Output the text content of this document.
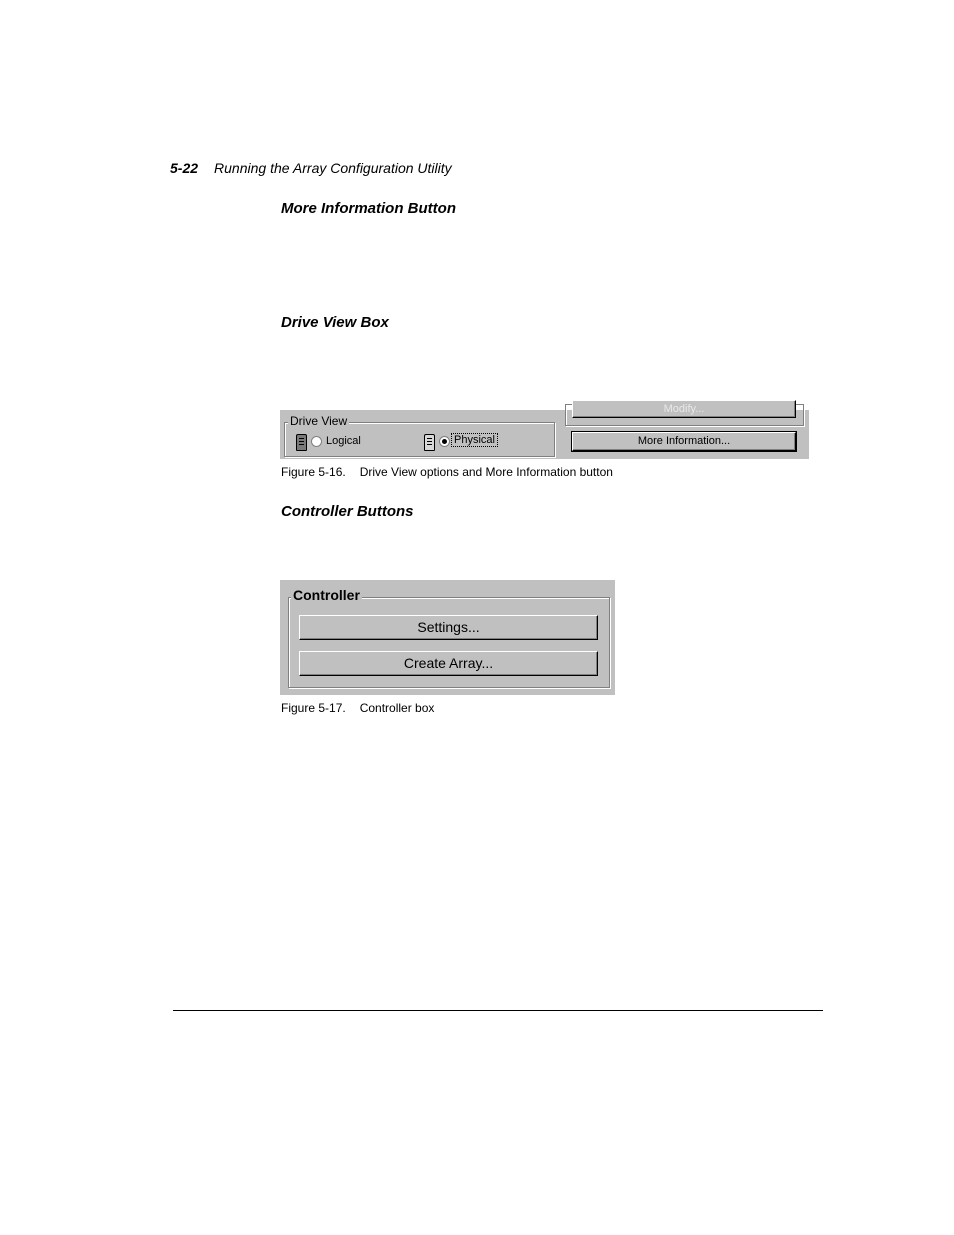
5-22 Running the Array Configuration Utility
More Information Button
Drive View Box
Drive View
Logical	Physical
Modify...
More Information...
Figure 5-16. Drive View options and More Information button
Controller Buttons
Controller
Settings...
Create Array...
Figure 5-17. Controller box
